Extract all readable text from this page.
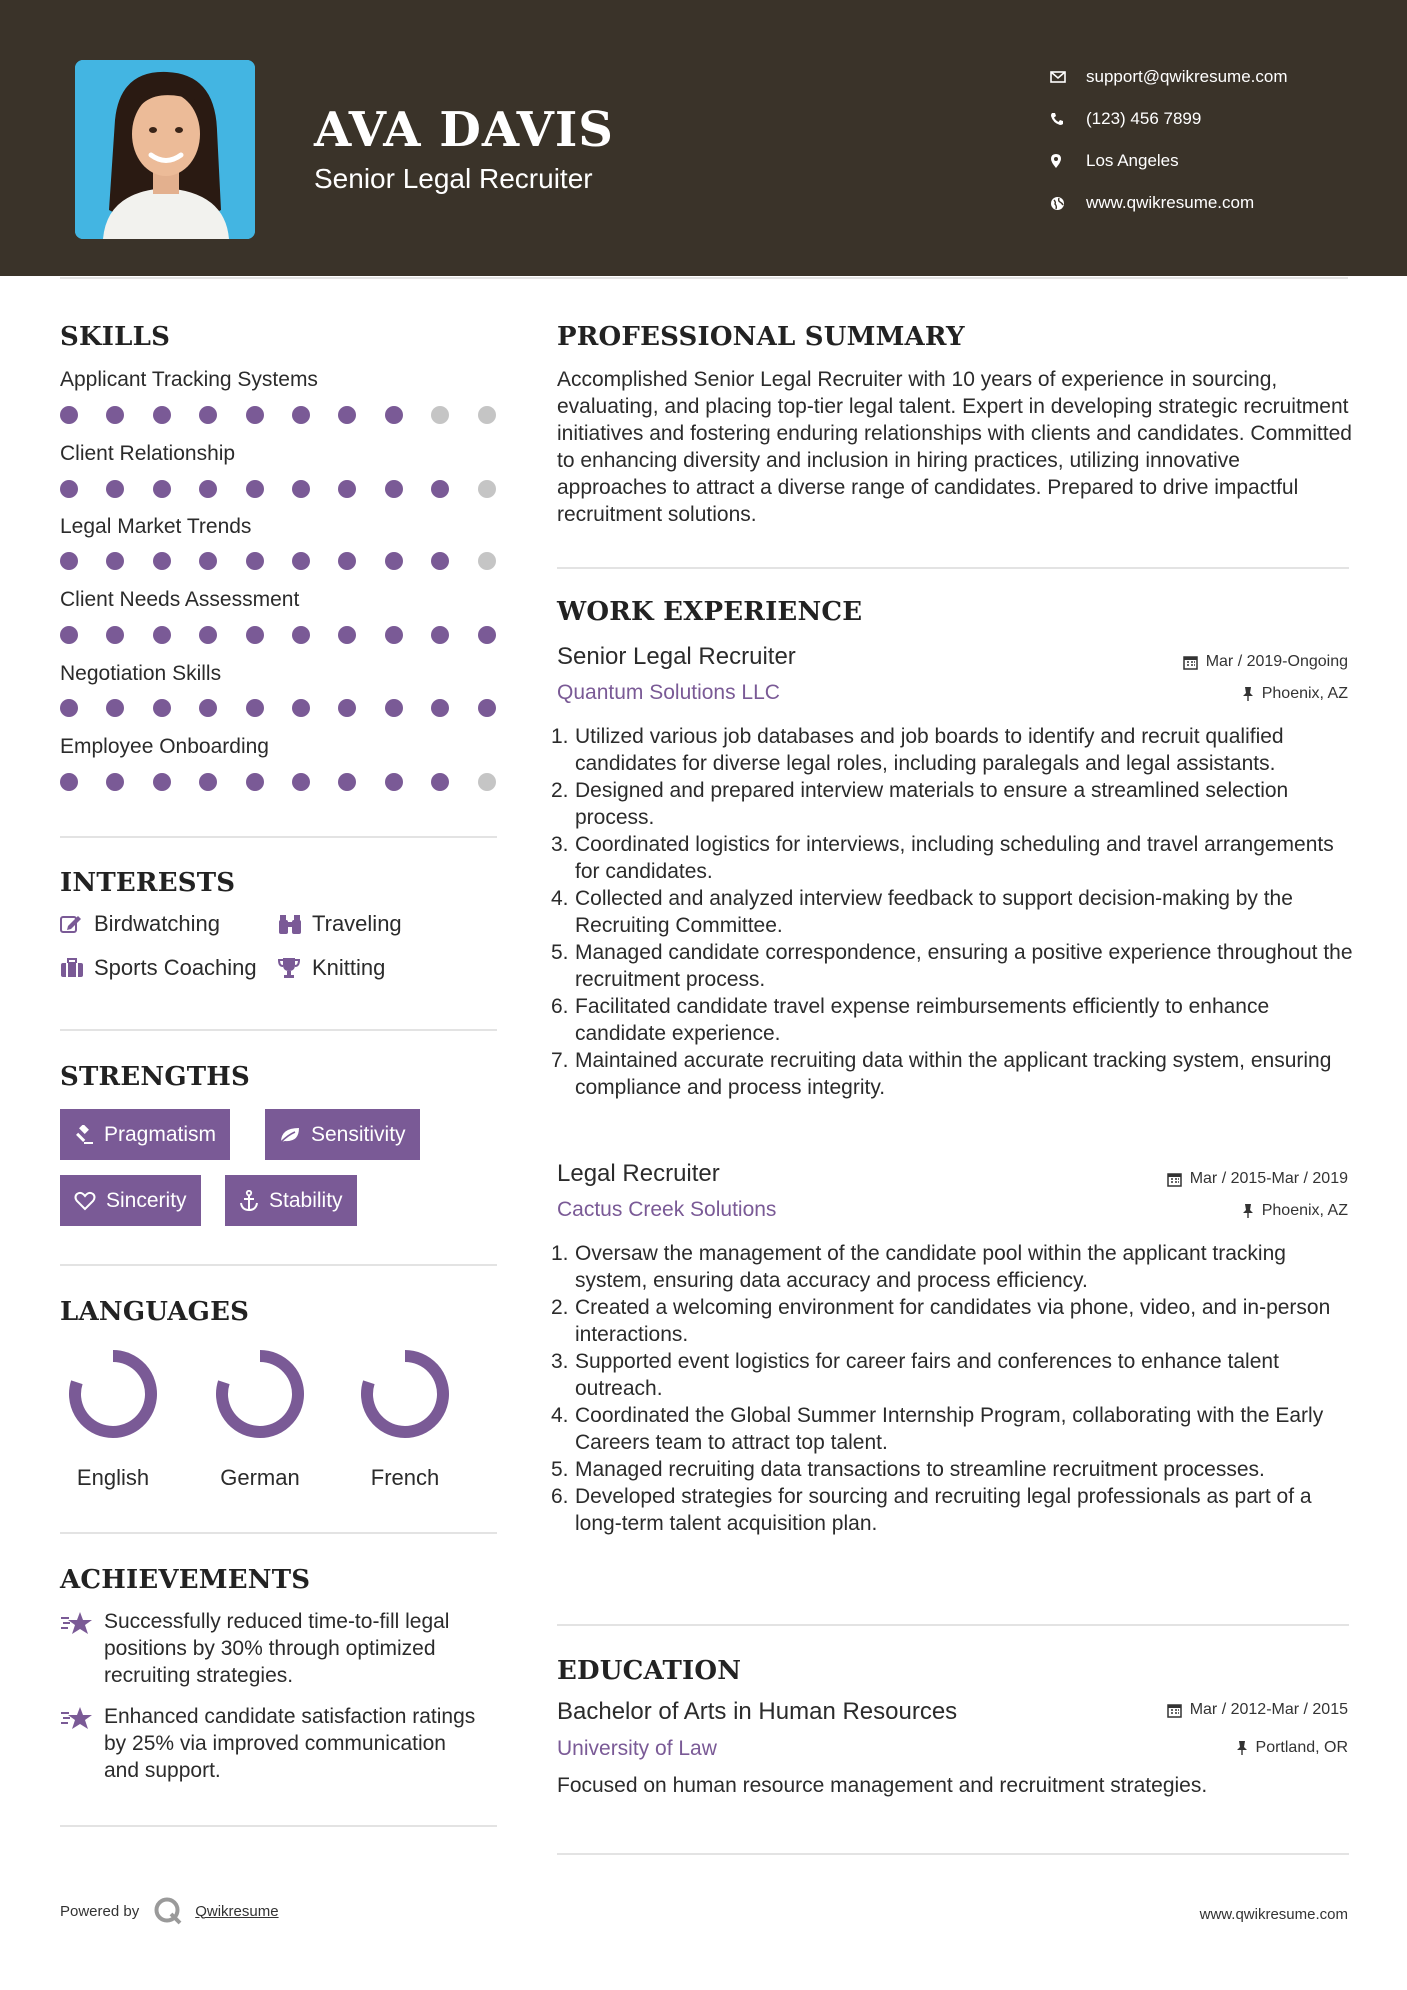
AVA DAVIS
Senior Legal Recruiter
support@qwikresume.com
(123) 456 7899
Los Angeles
www.qwikresume.com
SKILLS
Applicant Tracking Systems
Client Relationship
Legal Market Trends
Client Needs Assessment
Negotiation Skills
Employee Onboarding
INTERESTS
Birdwatching	Traveling
Sports Coaching	Knitting
STRENGTHS
Pragmatism	Sensitivity
Sincerity	Stability
LANGUAGES
English	German	French
ACHIEVEMENTS
Successfully reduced time-to-fill legal positions by 30% through optimized recruiting strategies.
Enhanced candidate satisfaction ratings by 25% via improved communication and support.
PROFESSIONAL SUMMARY
Accomplished Senior Legal Recruiter with 10 years of experience in sourcing, evaluating, and placing top-tier legal talent. Expert in developing strategic recruitment initiatives and fostering enduring relationships with clients and candidates. Committed to enhancing diversity and inclusion in hiring practices, utilizing innovative approaches to attract a diverse range of candidates. Prepared to drive impactful recruitment solutions.
WORK EXPERIENCE
Senior Legal Recruiter	Mar / 2019-Ongoing
Quantum Solutions LLC	Phoenix, AZ
1. Utilized various job databases and job boards to identify and recruit qualified candidates for diverse legal roles, including paralegals and legal assistants.
2. Designed and prepared interview materials to ensure a streamlined selection process.
3. Coordinated logistics for interviews, including scheduling and travel arrangements for candidates.
4. Collected and analyzed interview feedback to support decision-making by the Recruiting Committee.
5. Managed candidate correspondence, ensuring a positive experience throughout the recruitment process.
6. Facilitated candidate travel expense reimbursements efficiently to enhance candidate experience.
7. Maintained accurate recruiting data within the applicant tracking system, ensuring compliance and process integrity.
Legal Recruiter	Mar / 2015-Mar / 2019
Cactus Creek Solutions	Phoenix, AZ
1. Oversaw the management of the candidate pool within the applicant tracking system, ensuring data accuracy and process efficiency.
2. Created a welcoming environment for candidates via phone, video, and in-person interactions.
3. Supported event logistics for career fairs and conferences to enhance talent outreach.
4. Coordinated the Global Summer Internship Program, collaborating with the Early Careers team to attract top talent.
5. Managed recruiting data transactions to streamline recruitment processes.
6. Developed strategies for sourcing and recruiting legal professionals as part of a long-term talent acquisition plan.
EDUCATION
Bachelor of Arts in Human Resources	Mar / 2012-Mar / 2015
University of Law	Portland, OR
Focused on human resource management and recruitment strategies.
Powered by	Qwikresume	www.qwikresume.com
